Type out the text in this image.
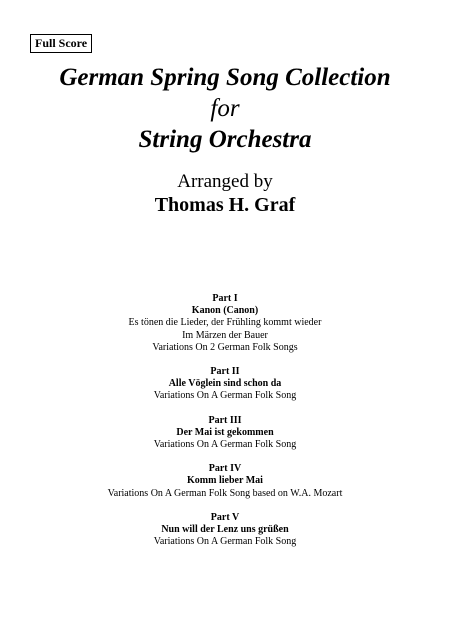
Full Score
German Spring Song Collection
for
String Orchestra
Arranged by
Thomas H. Graf
Part I
Kanon (Canon)
Es tönen die Lieder, der Frühling kommt wieder
Im Märzen der Bauer
Variations On 2 German Folk Songs
Part II
Alle Vöglein sind schon da
Variations On A German Folk Song
Part III
Der Mai ist gekommen
Variations On A German Folk Song
Part IV
Komm lieber Mai
Variations On A German Folk Song based on W.A. Mozart
Part V
Nun will der Lenz uns grüßen
Variations On A German Folk Song
